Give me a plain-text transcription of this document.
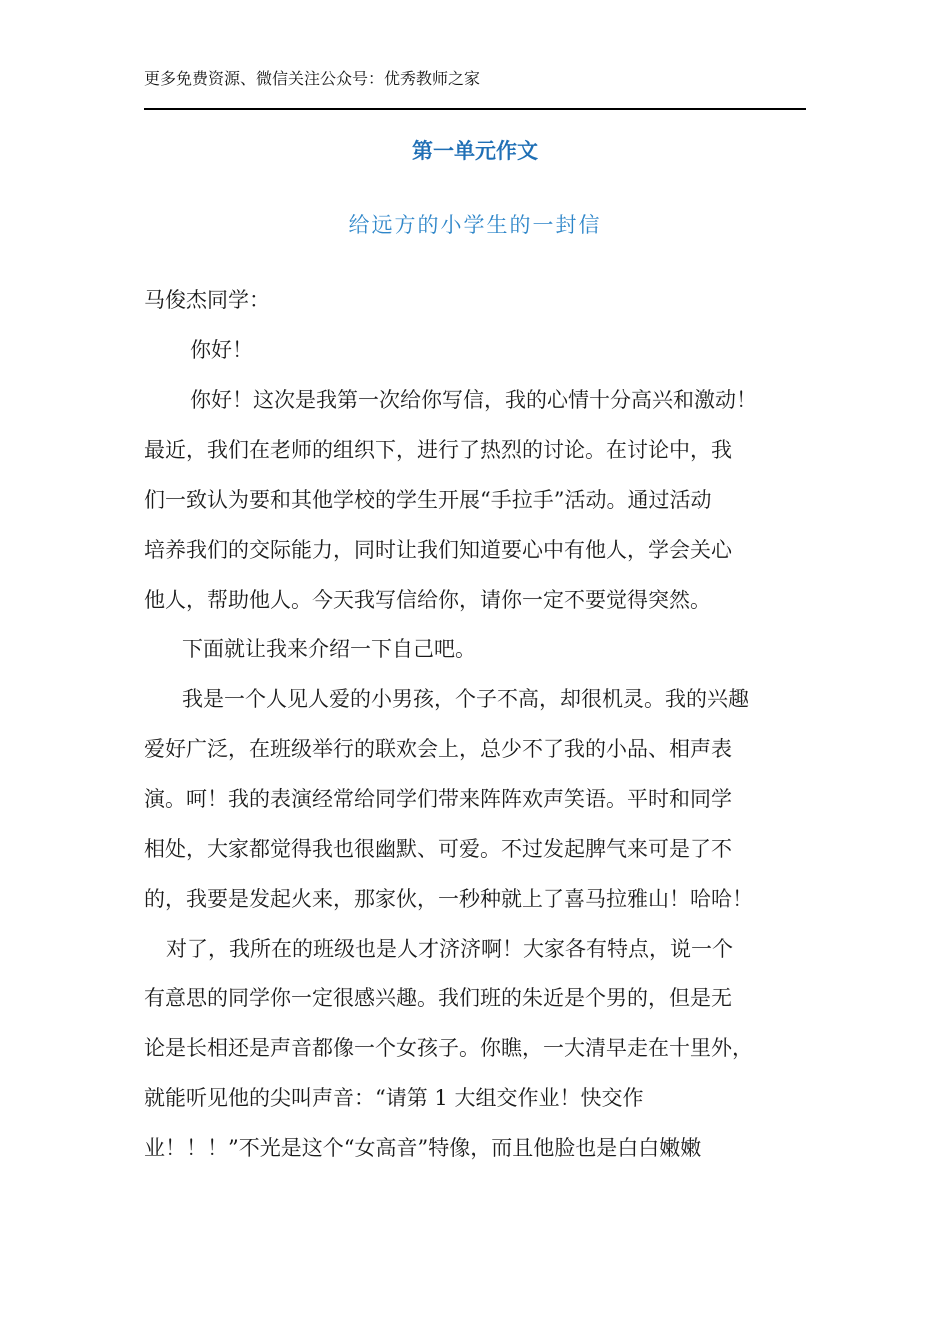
更多免费资源、微信关注公众号：优秀教师之家
第一单元作文
给远方的小学生的一封信
马俊杰同学：
你好！
你好！这次是我第一次给你写信，我的心情十分高兴和激动！
最近，我们在老师的组织下，进行了热烈的讨论。在讨论中，我
们一致认为要和其他学校的学生开展“手拉手”活动。通过活动
培养我们的交际能力，同时让我们知道要心中有他人，学会关心
他人，帮助他人。今天我写信给你，请你一定不要觉得突然。
下面就让我来介绍一下自己吧。
我是一个人见人爱的小男孩，个子不高，却很机灵。我的兴趣
爱好广泛，在班级举行的联欢会上，总少不了我的小品、相声表
演。呵！我的表演经常给同学们带来阵阵欢声笑语。平时和同学
相处，大家都觉得我也很幽默、可爱。不过发起脾气来可是了不
的，我要是发起火来，那家伙，一秒种就上了喜马拉雅山！哈哈！
对了，我所在的班级也是人才济济啊！大家各有特点，说一个
有意思的同学你一定很感兴趣。我们班的朱近是个男的，但是无
论是长相还是声音都像一个女孩子。你瞧，一大清早走在十里外，
就能听见他的尖叫声音：“请第 1 大组交作业！快交作
业！！！”不光是这个“女高音”特像，而且他脸也是白白嫩嫩
